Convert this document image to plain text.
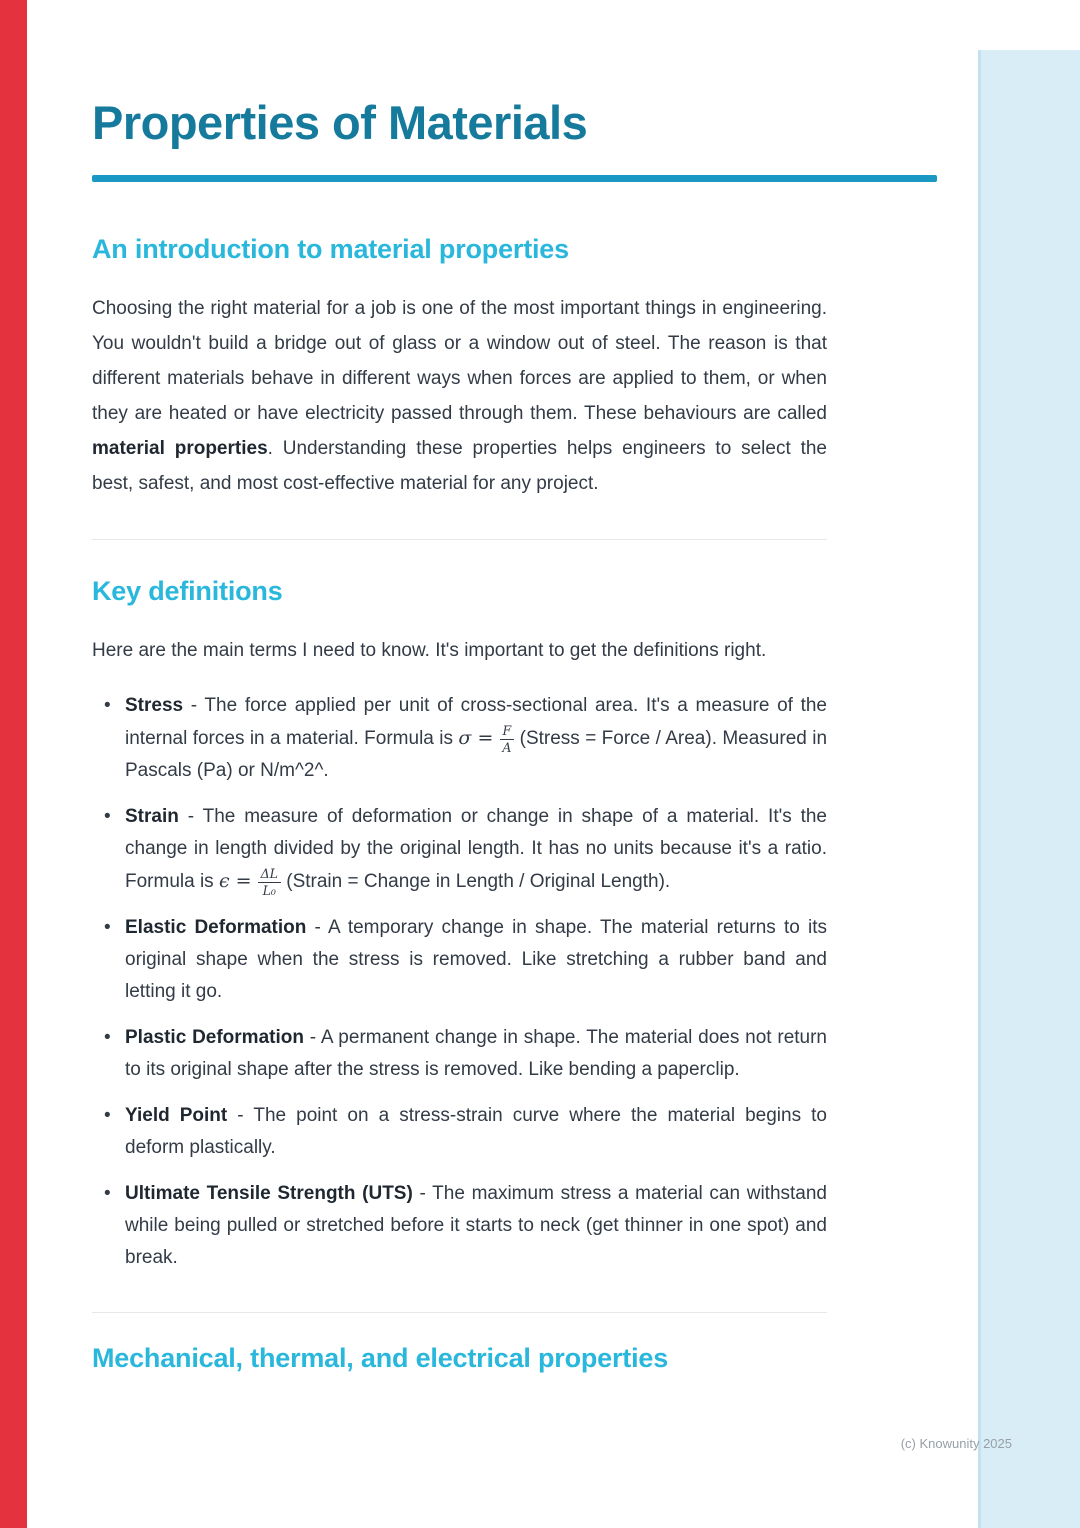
Properties of Materials
An introduction to material properties

Choosing the right material for a job is one of the most important things in engineering. You wouldn't build a bridge out of glass or a window out of steel. The reason is that different materials behave in different ways when forces are applied to them, or when they are heated or have electricity passed through them. These behaviours are called material properties. Understanding these properties helps engineers to select the best, safest, and most cost-effective material for any project.

Key definitions

Here are the main terms I need to know. It's important to get the definitions right.

• Stress - The force applied per unit of cross-sectional area. It's a measure of the internal forces in a material. Formula is $\sigma = \frac{F}{A}$ (Stress = Force / Area). Measured in Pascals (Pa) or N/m^2^.
• Strain - The measure of deformation or change in shape of a material. It's the change in length divided by the original length. It has no units because it's a ratio. Formula is $\epsilon = \frac{\Delta L}{\text{L₀}}$ (Strain = Change in Length / Original Length).
• Elastic Deformation - A temporary change in shape. The material returns to its original shape when the stress is removed. Like stretching a rubber band and letting it go.
• Plastic Deformation - A permanent change in shape. The material does not return to its original shape after the stress is removed. Like bending a paperclip.
• Yield Point - The point on a stress-strain curve where the material begins to deform plastically.
• Ultimate Tensile Strength (UTS) - The maximum stress a material can withstand while being pulled or stretched before it starts to neck (get thinner in one spot) and break.
Mechanical, thermal, and electrical properties
(c) Knowunity 2025
